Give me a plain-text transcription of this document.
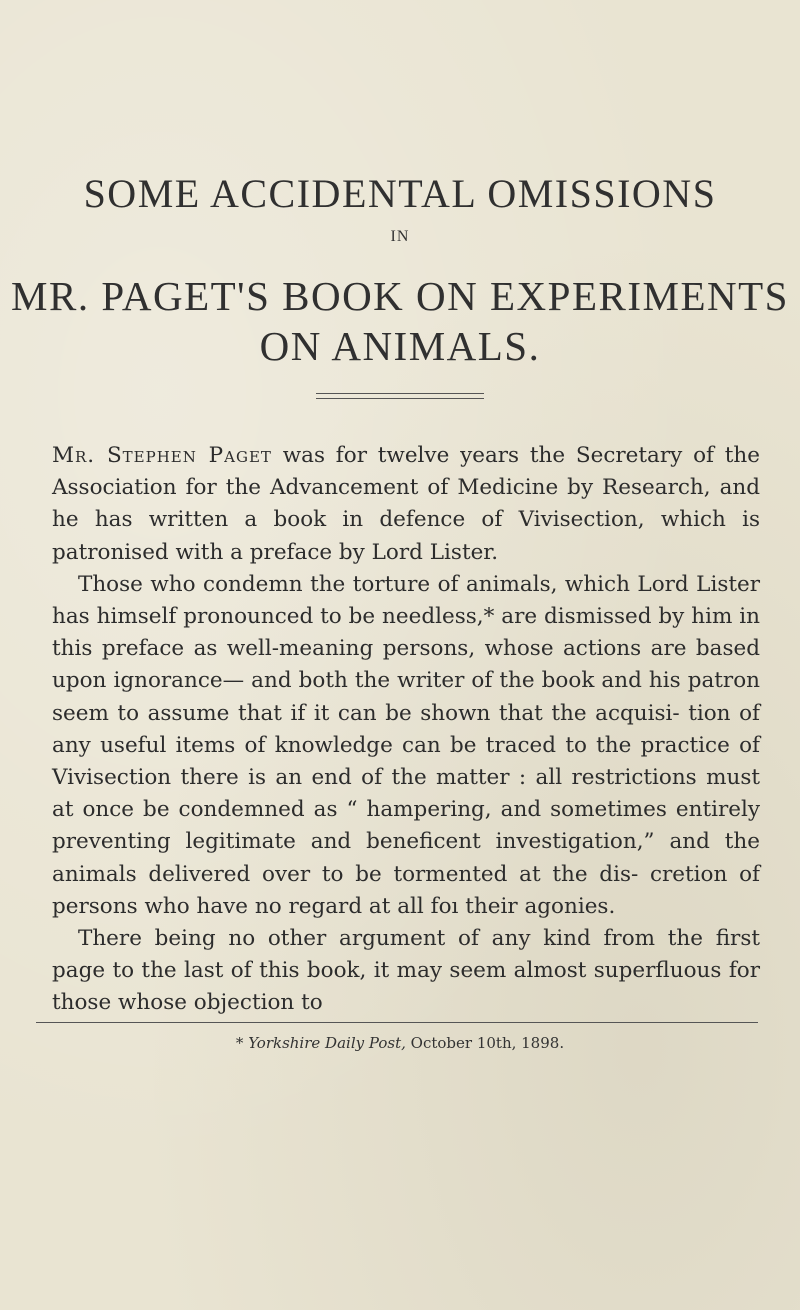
SOME ACCIDENTAL OMISSIONS
IN
MR. PAGET'S BOOK ON EXPERIMENTS
ON ANIMALS.

Mr. Stephen Paget was for twelve years the Secretary of the Association for the Advancement of Medicine by Research, and he has written a book in defence of Vivisection, which is patronised with a preface by Lord Lister.

Those who condemn the torture of animals, which Lord Lister has himself pronounced to be needless,* are dismissed by him in this preface as well-meaning persons, whose actions are based upon ignorance— and both the writer of the book and his patron seem to assume that if it can be shown that the acquisi- tion of any useful items of knowledge can be traced to the practice of Vivisection there is an end of the matter : all restrictions must at once be condemned as “ hampering, and sometimes entirely preventing legitimate and beneficent investigation,” and the animals delivered over to be tormented at the dis- cretion of persons who have no regard at all foı their agonies.

There being no other argument of any kind from the first page to the last of this book, it may seem almost superfluous for those whose objection to

* Yorkshire Daily Post, October 10th, 1898.
